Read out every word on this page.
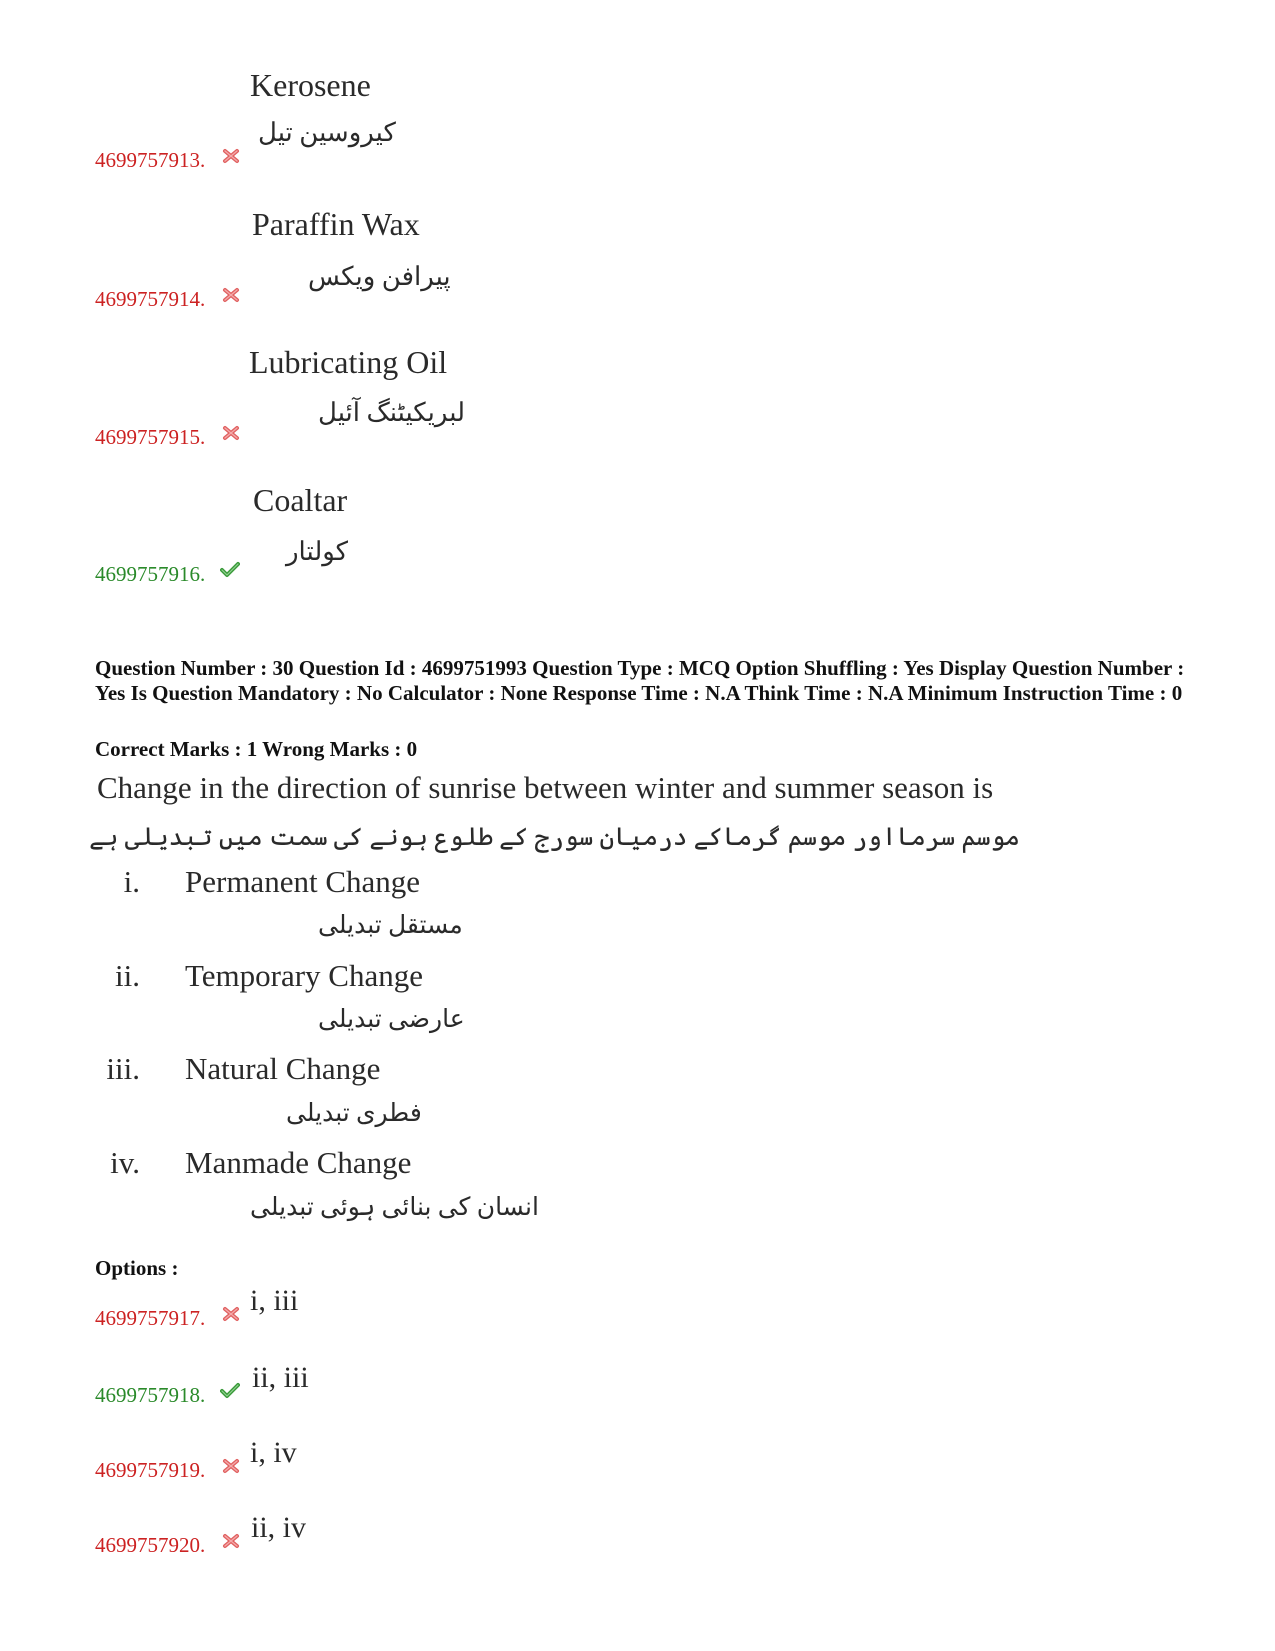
Kerosene
کیروسین تیل
4699757913.
Paraffin Wax
پیرافن ویکس
4699757914.
Lubricating Oil
لبریکیٹنگ آئیل
4699757915.
Coaltar
کولتار
4699757916.
Question Number : 30 Question Id : 4699751993 Question Type : MCQ Option Shuffling : Yes Display Question Number : Yes Is Question Mandatory : No Calculator : None Response Time : N.A Think Time : N.A Minimum Instruction Time : 0
Correct Marks : 1 Wrong Marks : 0
Change in the direction of sunrise between winter and summer season is
موسم سرمااور موسم گرماکے درمیان سورج کے طلوع ہونے کی سمت میں تبدیلی ہے
i. Permanent Change
مستقل تبدیلی
ii. Temporary Change
عارضی تبدیلی
iii. Natural Change
فطری تبدیلی
iv. Manmade Change
انسان کی بنائی ہوئی تبدیلی
Options :
i, iii
4699757917.
ii, iii
4699757918.
i, iv
4699757919.
ii, iv
4699757920.
